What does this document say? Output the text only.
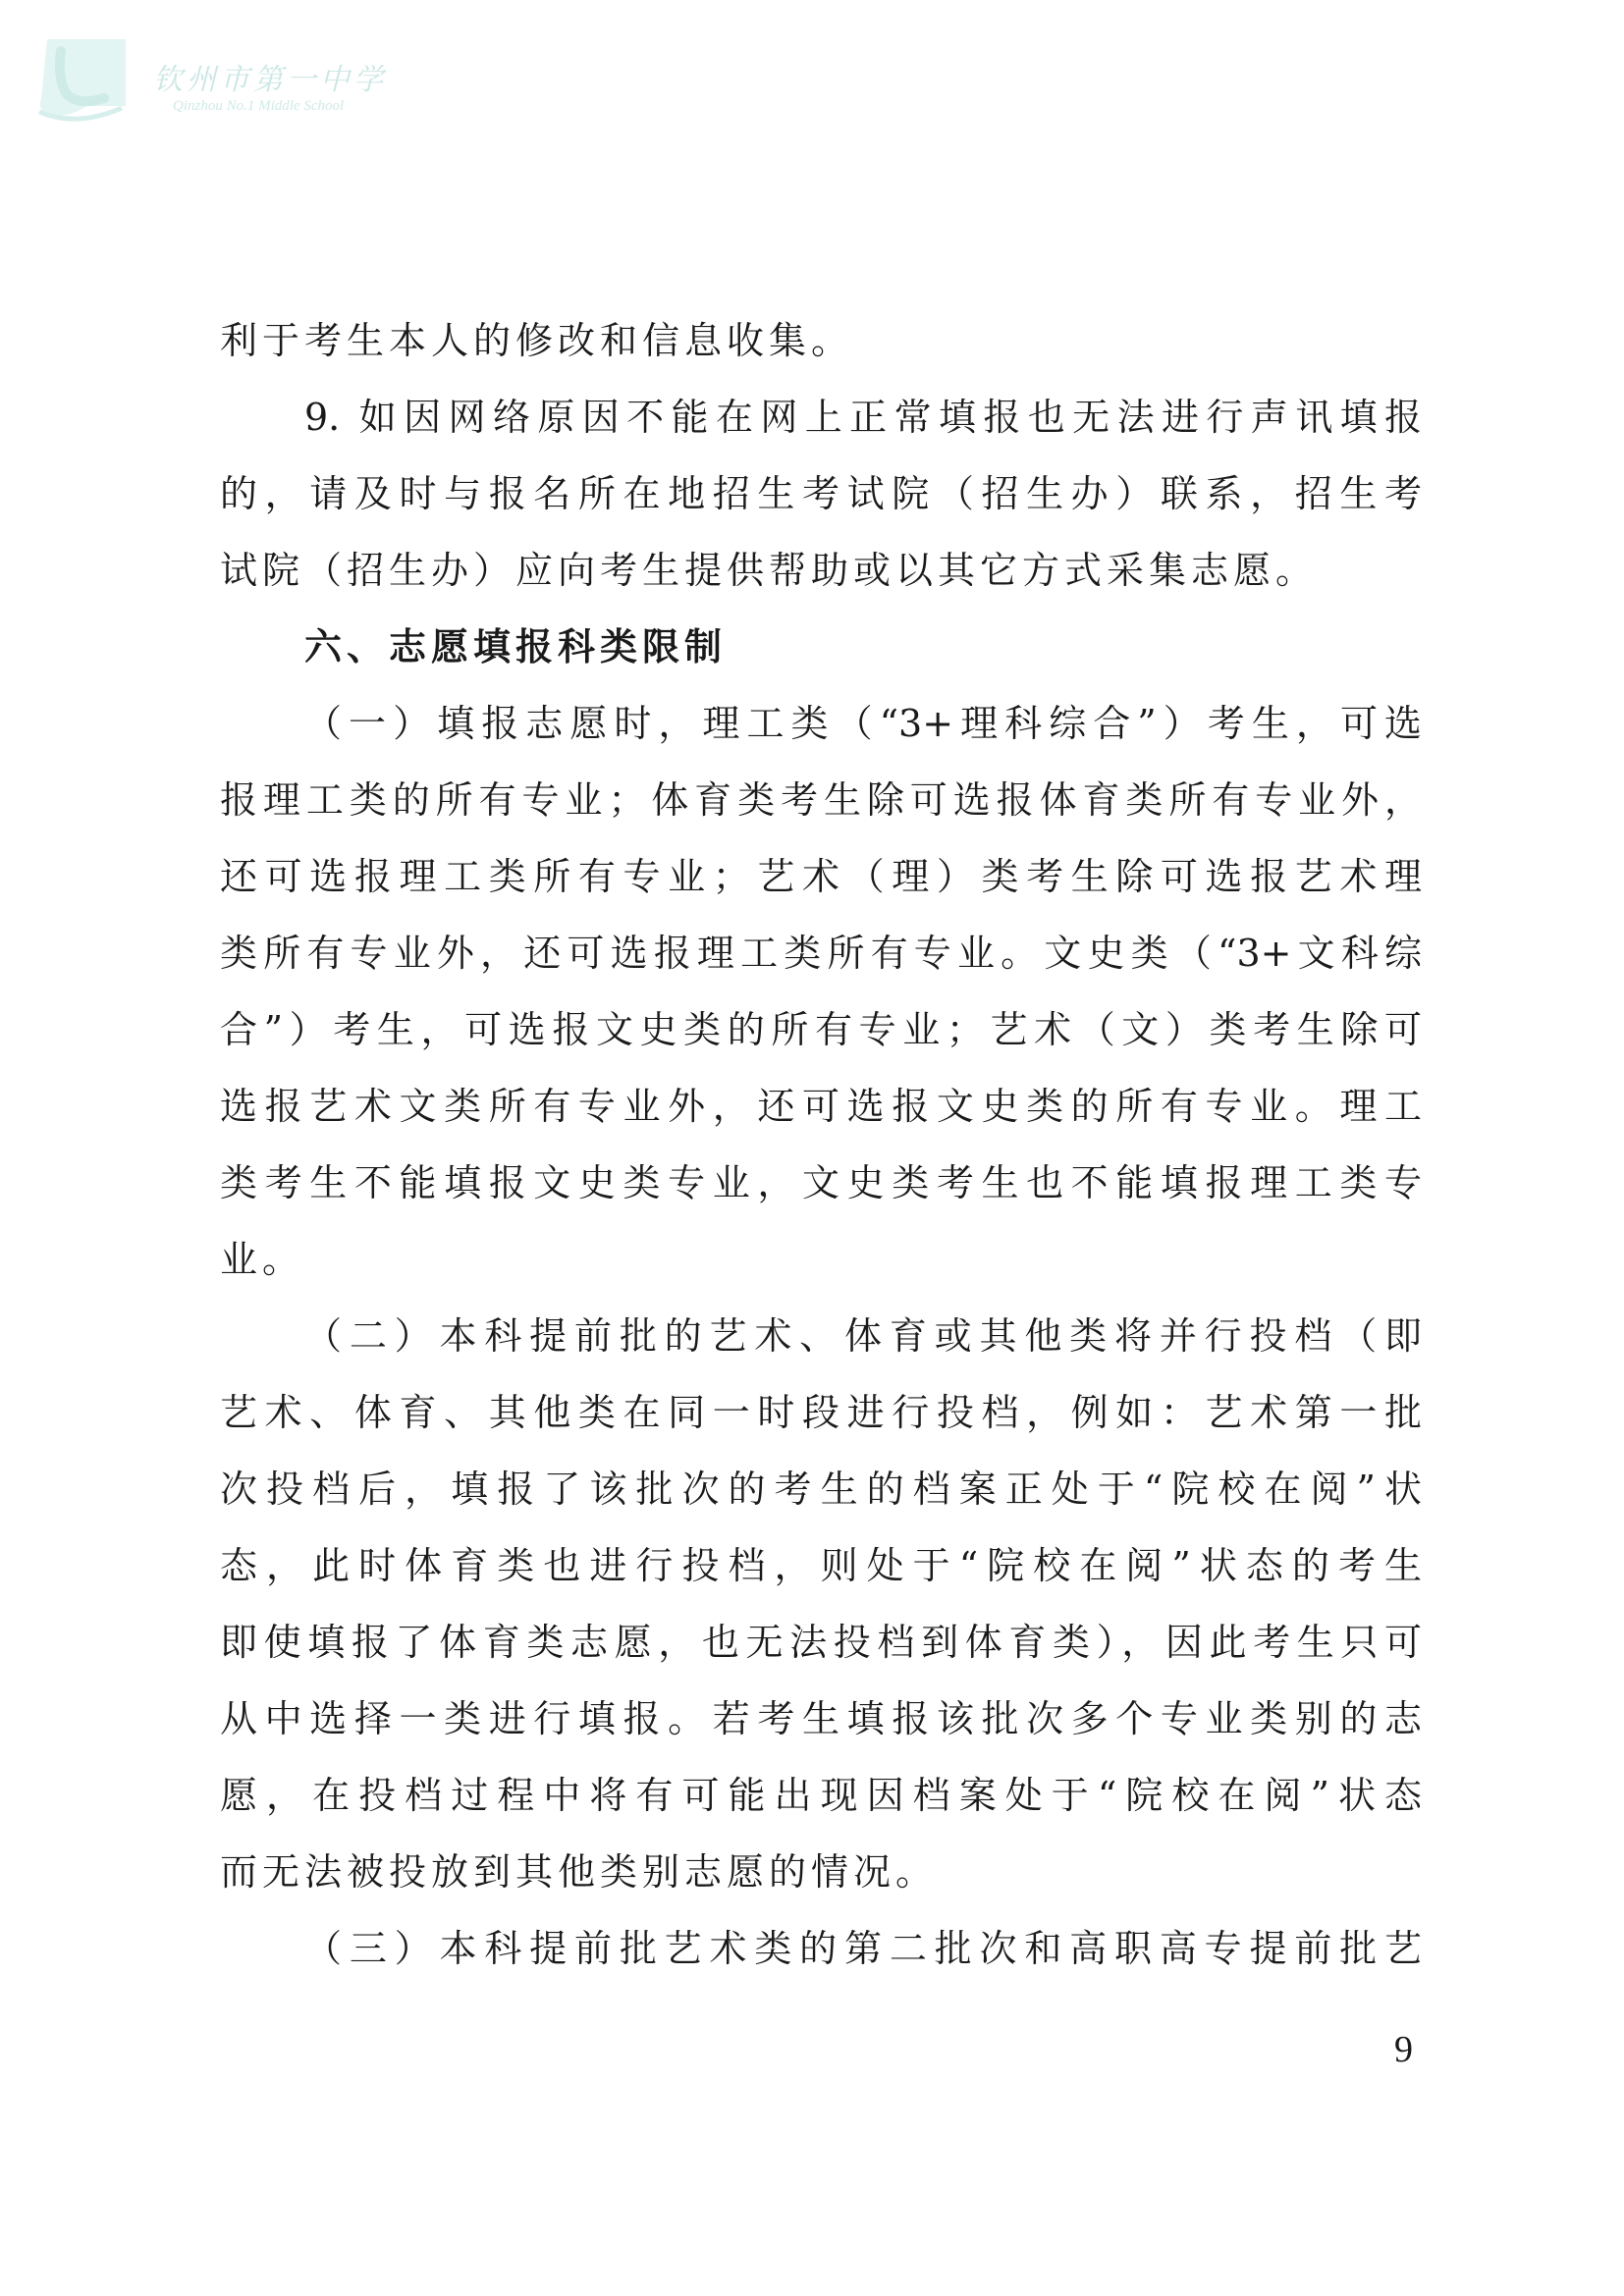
钦州市第一中学
Qinzhou No.1 Middle School
利于考生本人的修改和信息收集。
9. 如因网络原因不能在网上正常填报也无法进行声讯填报
的，请及时与报名所在地招生考试院（招生办）联系，招生考
试院（招生办）应向考生提供帮助或以其它方式采集志愿。
六、志愿填报科类限制
（一）填报志愿时，理工类（“3+理科综合”）考生，可选
报理工类的所有专业；体育类考生除可选报体育类所有专业外，
还可选报理工类所有专业；艺术（理）类考生除可选报艺术理
类所有专业外，还可选报理工类所有专业。文史类（“3+文科综
合”）考生，可选报文史类的所有专业；艺术（文）类考生除可
选报艺术文类所有专业外，还可选报文史类的所有专业。理工
类考生不能填报文史类专业，文史类考生也不能填报理工类专
业。
（二）本科提前批的艺术、体育或其他类将并行投档（即
艺术、体育、其他类在同一时段进行投档，例如：艺术第一批
次投档后，填报了该批次的考生的档案正处于“院校在阅”状
态，此时体育类也进行投档，则处于“院校在阅”状态的考生
即使填报了体育类志愿，也无法投档到体育类），因此考生只可
从中选择一类进行填报。若考生填报该批次多个专业类别的志
愿，在投档过程中将有可能出现因档案处于“院校在阅”状态
而无法被投放到其他类别志愿的情况。
（三）本科提前批艺术类的第二批次和高职高专提前批艺
9
